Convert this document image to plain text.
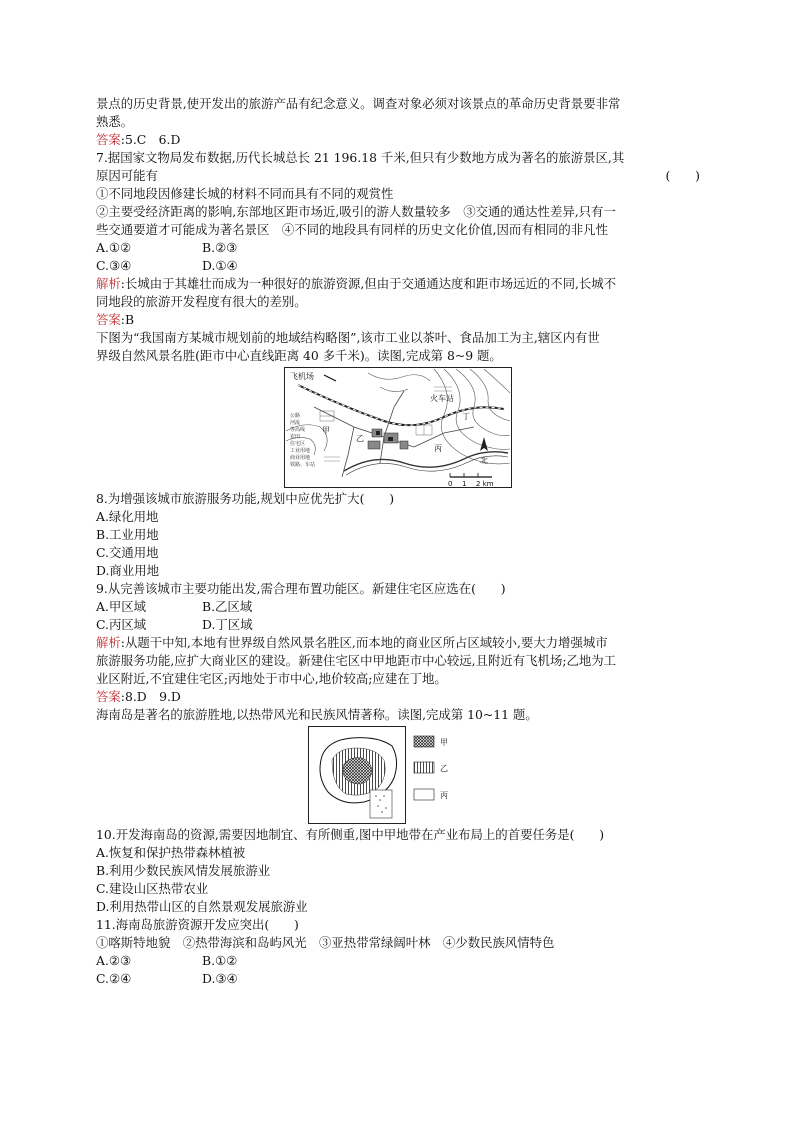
景点的历史背景,使开发出的旅游产品有纪念意义。调查对象必须对该景点的革命历史背景要非常
熟悉。
答案:5.C　6.D
7.据国家文物局发布数据,历代长城总长 21 196.18 千米,但只有少数地方成为著名的旅游景区,其
原因可能有	(　　)
①不同地段因修建长城的材料不同而具有不同的观赏性
②主要受经济距离的影响,东部地区距市场近,吸引的游人数量较多　③交通的通达性差异,只有一
些交通要道才可能成为著名景区　④不同的地段具有同样的历史文化价值,因而有相同的非凡性
A.①②	B.②③
C.③④	D.①④
解析:长城由于其雄壮而成为一种很好的旅游资源,但由于交通通达度和距市场远近的不同,长城不
同地段的旅游开发程度有很大的差别。
答案:B
下图为“我国南方某城市规划前的地域结构略图”,该市工业以茶叶、食品加工为主,辖区内有世
界级自然风景名胜(距市中心直线距离 40 多千米)。读图,完成第 8~9 题。
飞机场
火车站
甲
乙
丙
丁
公路
河流
等高线
农田
住宅区
工业用地
商业用地
铁路、车站	北
0 1 2 km
8.为增强该城市旅游服务功能,规划中应优先扩大(　　)
A.绿化用地
B.工业用地
C.交通用地
D.商业用地
9.从完善该城市主要功能出发,需合理布置功能区。新建住宅区应选在(　　)
A.甲区域	B.乙区域
C.丙区域	D.丁区域
解析:从题干中知,本地有世界级自然风景名胜区,而本地的商业区所占区域较小,要大力增强城市
旅游服务功能,应扩大商业区的建设。新建住宅区中甲地距市中心较远,且附近有飞机场;乙地为工
业区附近,不宜建住宅区;丙地处于市中心,地价较高;应建在丁地。
答案:8.D　9.D
海南岛是著名的旅游胜地,以热带风光和民族风情著称。读图,完成第 10~11 题。
甲
乙
丙
10.开发海南岛的资源,需要因地制宜、有所侧重,图中甲地带在产业布局上的首要任务是(　　)
A.恢复和保护热带森林植被
B.利用少数民族风情发展旅游业
C.建设山区热带农业
D.利用热带山区的自然景观发展旅游业
11.海南岛旅游资源开发应突出(　　)
①喀斯特地貌　②热带海滨和岛屿风光　③亚热带常绿阔叶林　④少数民族风情特色
A.②③	B.①②
C.②④	D.③④
